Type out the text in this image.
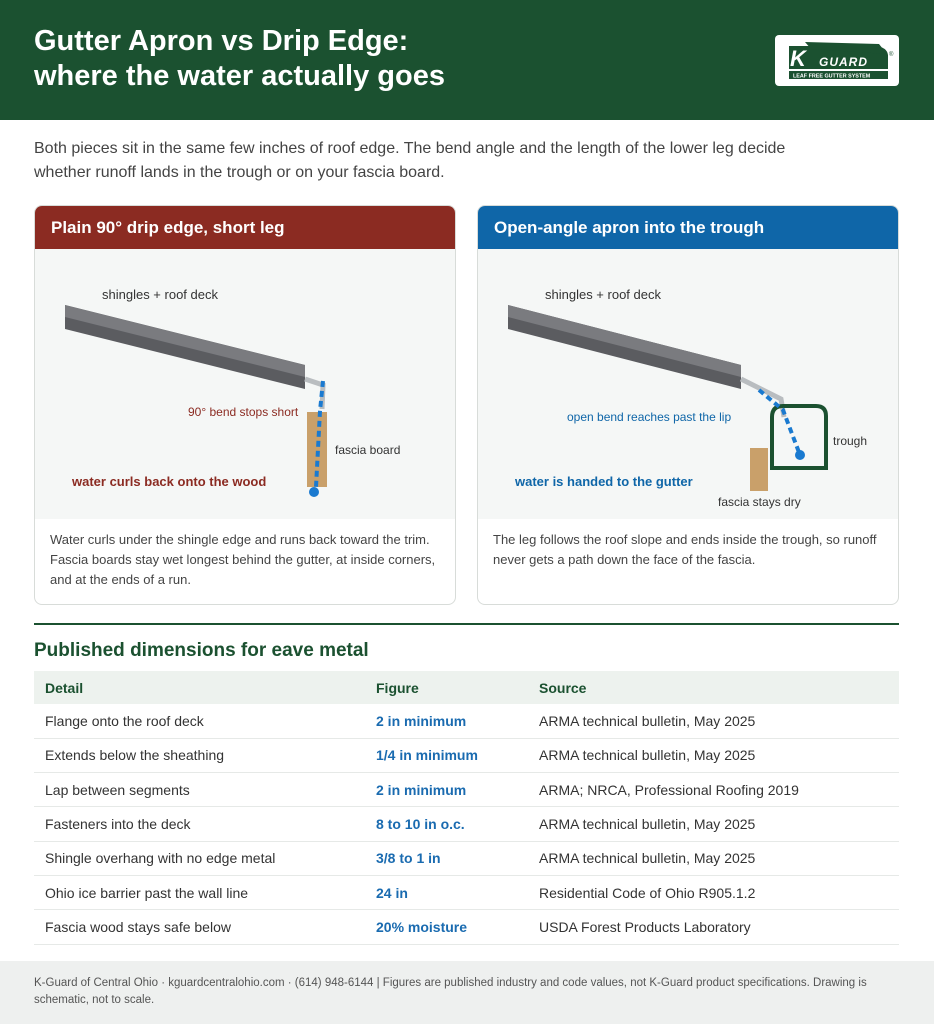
Gutter Apron vs Drip Edge:
where the water actually goes
K GUARD	®
LEAF FREE GUTTER SYSTEM

Both pieces sit in the same few inches of roof edge. The bend angle and the length of the lower leg decide whether runoff lands in the trough or on your fascia board.

Plain 90° drip edge, short leg
shingles + roof deck
90° bend stops short
fascia board
water curls back onto the wood

Water curls under the shingle edge and runs back toward the trim. Fascia boards stay wet longest behind the gutter, at inside corners, and at the ends of a run.

Open-angle apron into the trough
shingles + roof deck
open bend reaches past the lip
trough
water is handed to the gutter
fascia stays dry

The leg follows the roof slope and ends inside the trough, so runoff never gets a path down the face of the fascia.

Published dimensions for eave metal
Detail	Figure	Source
Flange onto the roof deck	2 in minimum	ARMA technical bulletin, May 2025
Extends below the sheathing	1/4 in minimum	ARMA technical bulletin, May 2025
Lap between segments	2 in minimum	ARMA; NRCA, Professional Roofing 2019
Fasteners into the deck	8 to 10 in o.c.	ARMA technical bulletin, May 2025
Shingle overhang with no edge metal	3/8 to 1 in	ARMA technical bulletin, May 2025
Ohio ice barrier past the wall line	24 in	Residential Code of Ohio R905.1.2
Fascia wood stays safe below	20% moisture	USDA Forest Products Laboratory

K-Guard of Central Ohio · kguardcentralohio.com · (614) 948-6144 | Figures are published industry and code values, not K-Guard product specifications. Drawing is schematic, not to scale.
